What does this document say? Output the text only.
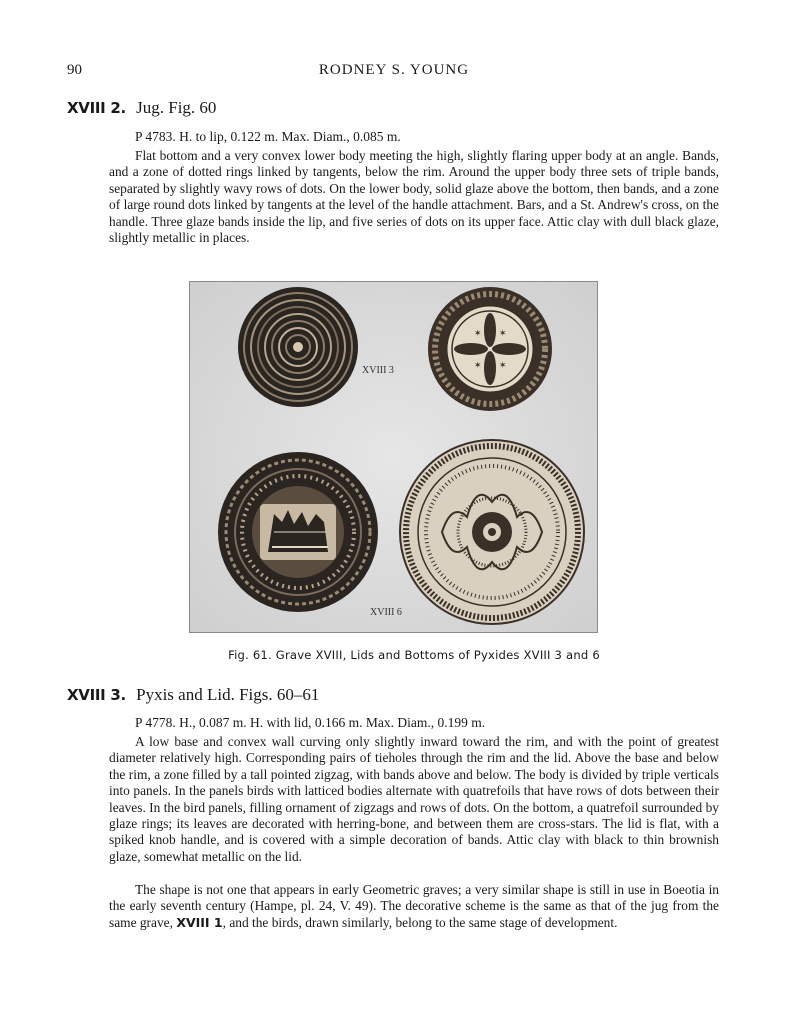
90	RODNEY S. YOUNG
XVIII 2. Jug. Fig. 60
P 4783. H. to lip, 0.122 m. Max. Diam., 0.085 m.

Flat bottom and a very convex lower body meeting the high, slightly flaring upper body at an angle. Bands, and a zone of dotted rings linked by tangents, below the rim. Around the upper body three sets of triple bands, separated by slightly wavy rows of dots. On the lower body, solid glaze above the bottom, then bands, and a zone of large round dots linked by tangents at the level of the handle attachment. Bars, and a St. Andrew's cross, on the handle. Three glaze bands inside the lip, and five series of dots on its upper face. Attic clay with dull black glaze, slightly metallic in places.

✶ ✶
✶ ✶
XVIII 3
XVIII 6
Fig. 61. Grave XVIII, Lids and Bottoms of Pyxides XVIII 3 and 6
XVIII 3. Pyxis and Lid. Figs. 60–61
P 4778. H., 0.087 m. H. with lid, 0.166 m. Max. Diam., 0.199 m.

A low base and convex wall curving only slightly inward toward the rim, and with the point of greatest diameter relatively high. Corresponding pairs of tieholes through the rim and the lid. Above the base and below the rim, a zone filled by a tall pointed zigzag, with bands above and below. The body is divided by triple verticals into panels. In the panels birds with latticed bodies alternate with quatrefoils that have rows of dots between their leaves. In the bird panels, filling ornament of zigzags and rows of dots. On the bottom, a quatrefoil surrounded by glaze rings; its leaves are decorated with herring-bone, and between them are cross-stars. The lid is flat, with a spiked knob handle, and is covered with a simple decoration of bands. Attic clay with black to thin brownish glaze, somewhat metallic on the lid.

The shape is not one that appears in early Geometric graves; a very similar shape is still in use in Boeotia in the early seventh century (Hampe, pl. 24, V. 49). The decorative scheme is the same as that of the jug from the same grave, XVIII 1, and the birds, drawn similarly, belong to the same stage of development.
